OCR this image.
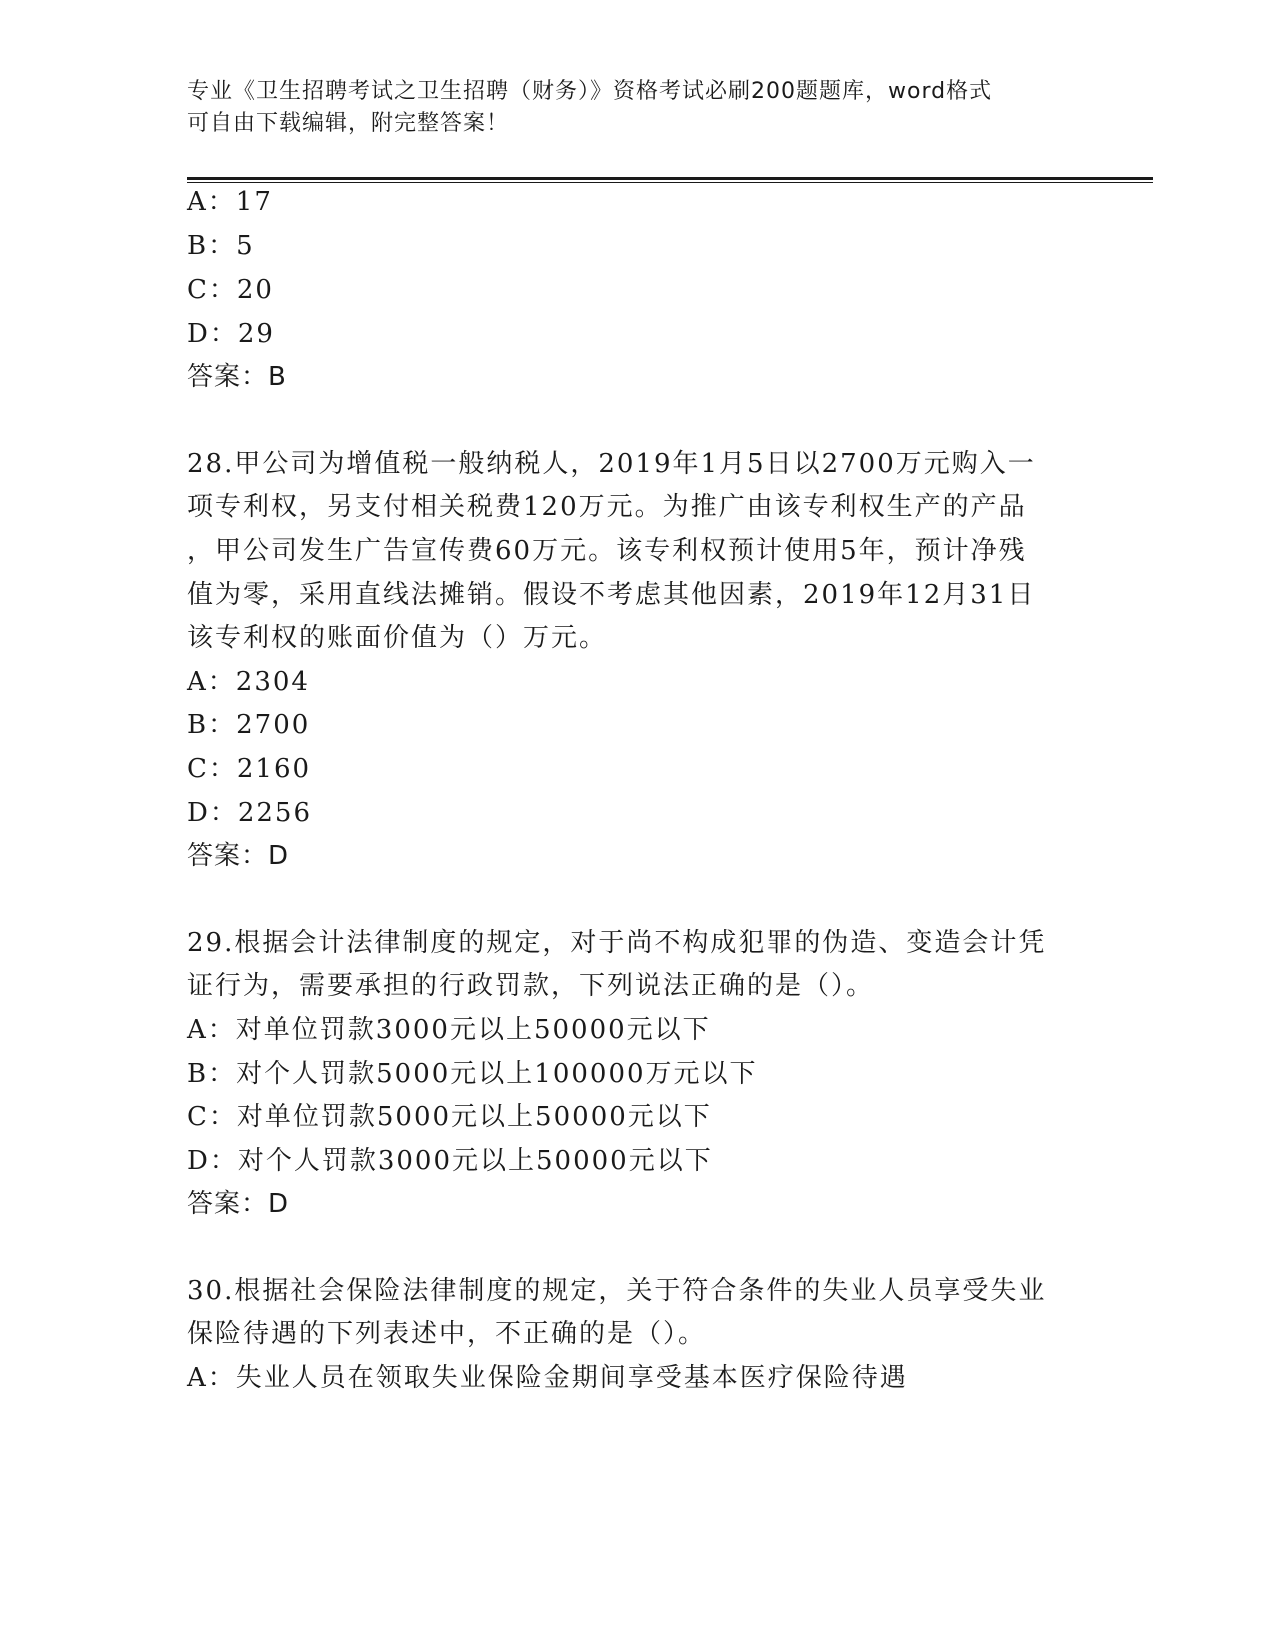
专业《卫生招聘考试之卫生招聘（财务）》资格考试必刷200题题库，word格式
可自由下载编辑，附完整答案！
A：17
B：5
C：20
D：29
答案：B
28.甲公司为增值税一般纳税人，2019年1月5日以2700万元购入一
项专利权，另支付相关税费120万元。为推广由该专利权生产的产品
，甲公司发生广告宣传费60万元。该专利权预计使用5年，预计净残
值为零，采用直线法摊销。假设不考虑其他因素，2019年12月31日
该专利权的账面价值为（）万元。
A：2304
B：2700
C：2160
D：2256
答案：D
29.根据会计法律制度的规定，对于尚不构成犯罪的伪造、变造会计凭
证行为，需要承担的行政罚款，下列说法正确的是（）。
A：对单位罚款3000元以上50000元以下
B：对个人罚款5000元以上100000万元以下
C：对单位罚款5000元以上50000元以下
D：对个人罚款3000元以上50000元以下
答案：D
30.根据社会保险法律制度的规定，关于符合条件的失业人员享受失业
保险待遇的下列表述中，不正确的是（）。
A：失业人员在领取失业保险金期间享受基本医疗保险待遇
